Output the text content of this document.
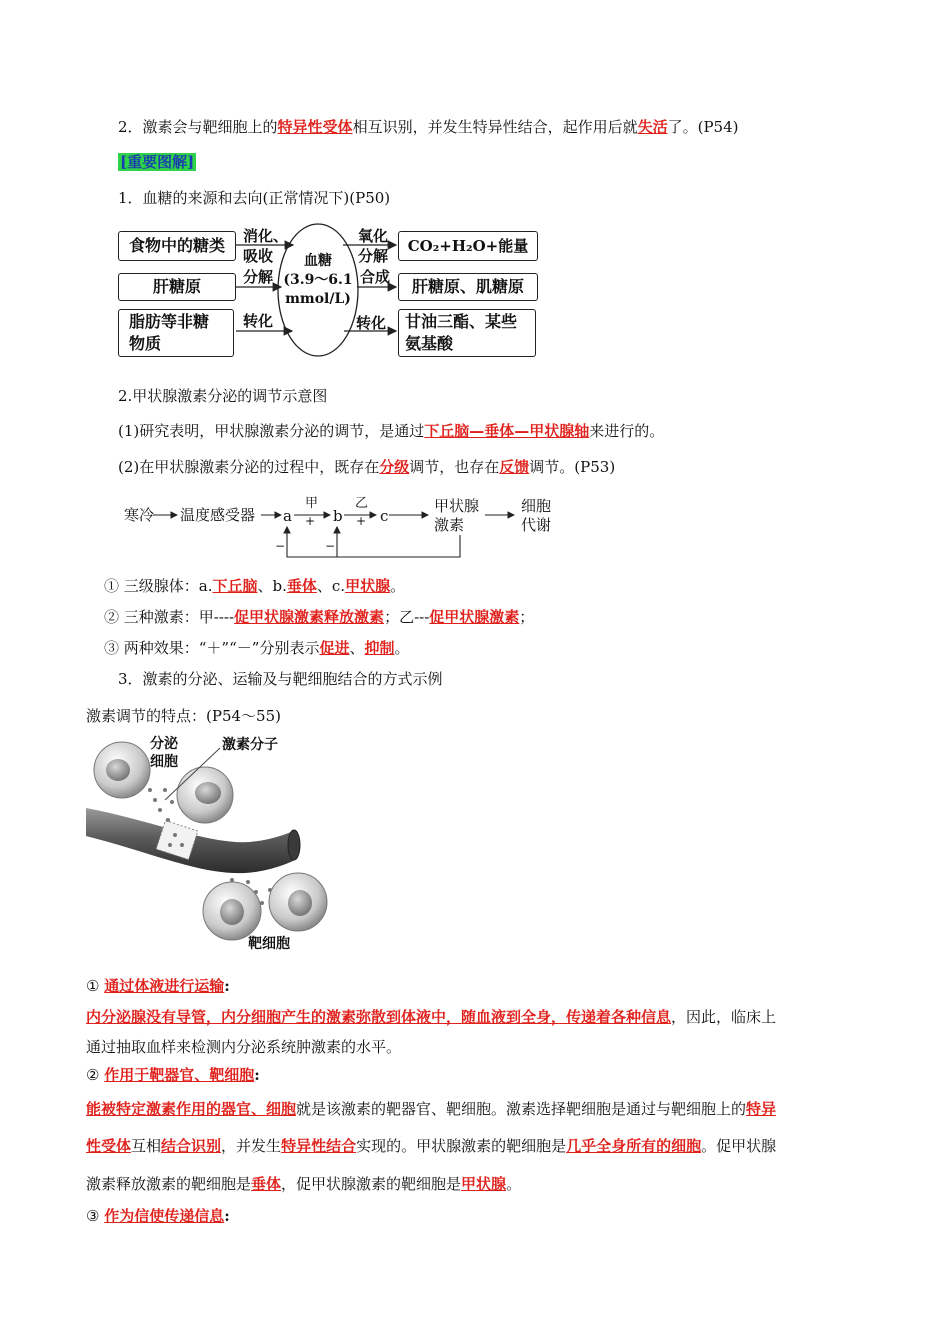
2．激素会与靶细胞上的特异性受体相互识别，并发生特异性结合，起作用后就失活了。(P54)
[重要图解]
1．血糖的来源和去向(正常情况下)(P50)
食物中的糖类
肝糖原
脂肪等非糖
物质
消化、
吸收
分解
转化
血糖
(3.9～6.1
mmol/L)
氧化
分解
合成
转化
CO₂+H₂O+能量
肝糖原、肌糖原
甘油三酯、某些
氨基酸
2.甲状腺激素分泌的调节示意图
(1)研究表明，甲状腺激素分泌的调节，是通过下丘脑—垂体—甲状腺轴来进行的。
(2)在甲状腺激素分泌的过程中，既存在分级调节，也存在反馈调节。(P53)
寒冷 温度感受器 a	b c
甲
+
乙
+
−	−
甲状腺
激素
细胞
代谢
① 三级腺体：a.下丘脑、b.垂体、c.甲状腺。
② 三种激素：甲----促甲状腺激素释放激素；乙---促甲状腺激素；
③ 两种效果：“＋”“－”分别表示促进、抑制。
3．激素的分泌、运输及与靶细胞结合的方式示例
激素调节的特点：(P54～55)
分泌
细胞
激素分子
靶细胞
① 通过体液进行运输:
内分泌腺没有导管，内分细胞产生的激素弥散到体液中，随血液到全身，传递着各种信息，因此，临床上
通过抽取血样来检测内分泌系统肿激素的水平。
② 作用于靶器官、靶细胞:
能被特定激素作用的器官、细胞就是该激素的靶器官、靶细胞。激素选择靶细胞是通过与靶细胞上的特异
性受体互相结合识别，并发生特异性结合实现的。甲状腺激素的靶细胞是几乎全身所有的细胞。促甲状腺
激素释放激素的靶细胞是垂体，促甲状腺激素的靶细胞是甲状腺。
③ 作为信使传递信息:
